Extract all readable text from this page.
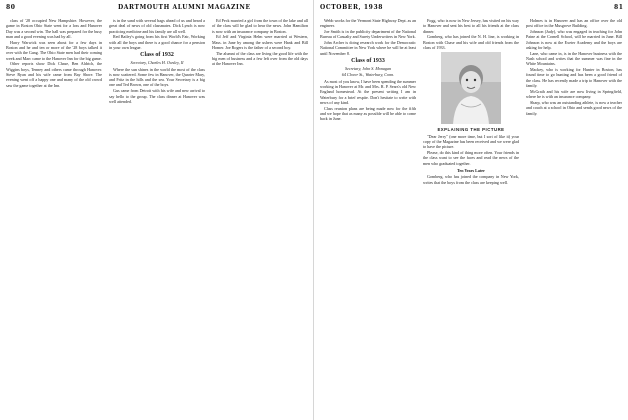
80	DARTMOUTH ALUMNI MAGAZINE

class of '28 occupied New Hampshire. However, the game in Boston Ohio State went for a loss and Hanover Day was a second win. The hall was prepared for the busy man and a good evening was had by all.

Harry Warwick was seen about for a few days in Boston and he and ten or more of the '28 boys talked it over with the Gang. The Ohio State men had their coming week and Marc came to the Hanover Inn for the big game.

Other reports show Dick Chase, Ben Aldrich, the Wiggins boys, Tenney and others came through Hanover. Steve Ryan and his wife came from Bay Shore. The evening went off a happy one and many of the old crowd saw the game together at the Inn.

is in the sand with several bags ahead of us and heard a great deal of news of old classmates. Dick Lynch is now practicing medicine and his family are all well.

Red Bailey's going from his first World's Fair, Working with all the boys and there is a good chance for a pension in your own league.

Class of 1932
Secretary, Charles H. Owsley, II

Where the sun shines in the world the most of the class is now scattered. Some few in Hanover, the Quarter Mary, and Fritz in the hills and the sea. Your Secretary is a big one and Ted Brown, one of the boys.

Gus came from Detroit with his wife and new arrival to say hello to the group. The class dinner at Hanover was well attended.

Ed Peck married a girl from the town of the lake and all of the class will be glad to hear the news. John Hamilton is now with an insurance company in Boston.

Ed Jeff and Virginia Helm were married at Western, Mass. in June by among the ushers were Hank and Bill Homer. Joe Rogers is the father of a second boy.

The alumni of the class are living the good life with the big men of business and a few left over from the old days at the Hanover Inn.

OCTOBER, 1938	81

Webb works for the Vermont State Highway Dept. as an engineer.

Joe Smith is in the publicity department of the National Bureau of Casualty and Surety Underwriters in New York.

John Archer is doing research work for the Democratic National Committee in New York where he will be at least until November 8.

Class of 1933
Secretary, John S. Monagan
64 Clover St., Waterbury, Conn.

As most of you know, I have been spending the summer working in Hanover at Mr. and Mrs. R. P. Sears's old New England homestead. At the present writing I am in Waterbury for a brief respite. Don't hesitate to write with news of any kind.

Class reunion plans are being made now for the fifth and we hope that as many as possible will be able to come back in June.

Fogg, who is now in New Jersey, has visited on his way to Hanover and sent his best to all his friends at the class dinner.

Gomberg, who has joined the N. H. line, is working in Boston with Chase and his wife and old friends from the class of 1933.

EXPLAINING THE PICTURE

"Dear Jerry" (one more time, but I sort of like it) your copy of the Magazine has been received and we were glad to have the picture.

Please, do this kind of thing more often. Your friends in the class want to see the faces and read the news of the men who graduated together.

Ten Years Later

Gomberg, who has joined the company in New York, writes that the boys from the class are keeping well.

Holmes is in Hanover and has an office over the old post office in the Musgrove Building.

Johnson (Judy), who was engaged in teaching for John Paine at the Cornell School, will be married in June. Bill Johnson is now at the Exeter Academy and the boys are asking for help.

Lane, who came in, is in the Hanover business with the Nash school and writes that the summer was fine in the White Mountains.

Mackey, who is working for Hunter in Boston, has found time to go hunting and has been a good friend of the class. He has recently made a trip to Hanover with the family.

McGrath and his wife are now living in Springfield, where he is with an insurance company.

Sharp, who was an outstanding athlete, is now a teacher and coach at a school in Ohio and sends good news of the family.
